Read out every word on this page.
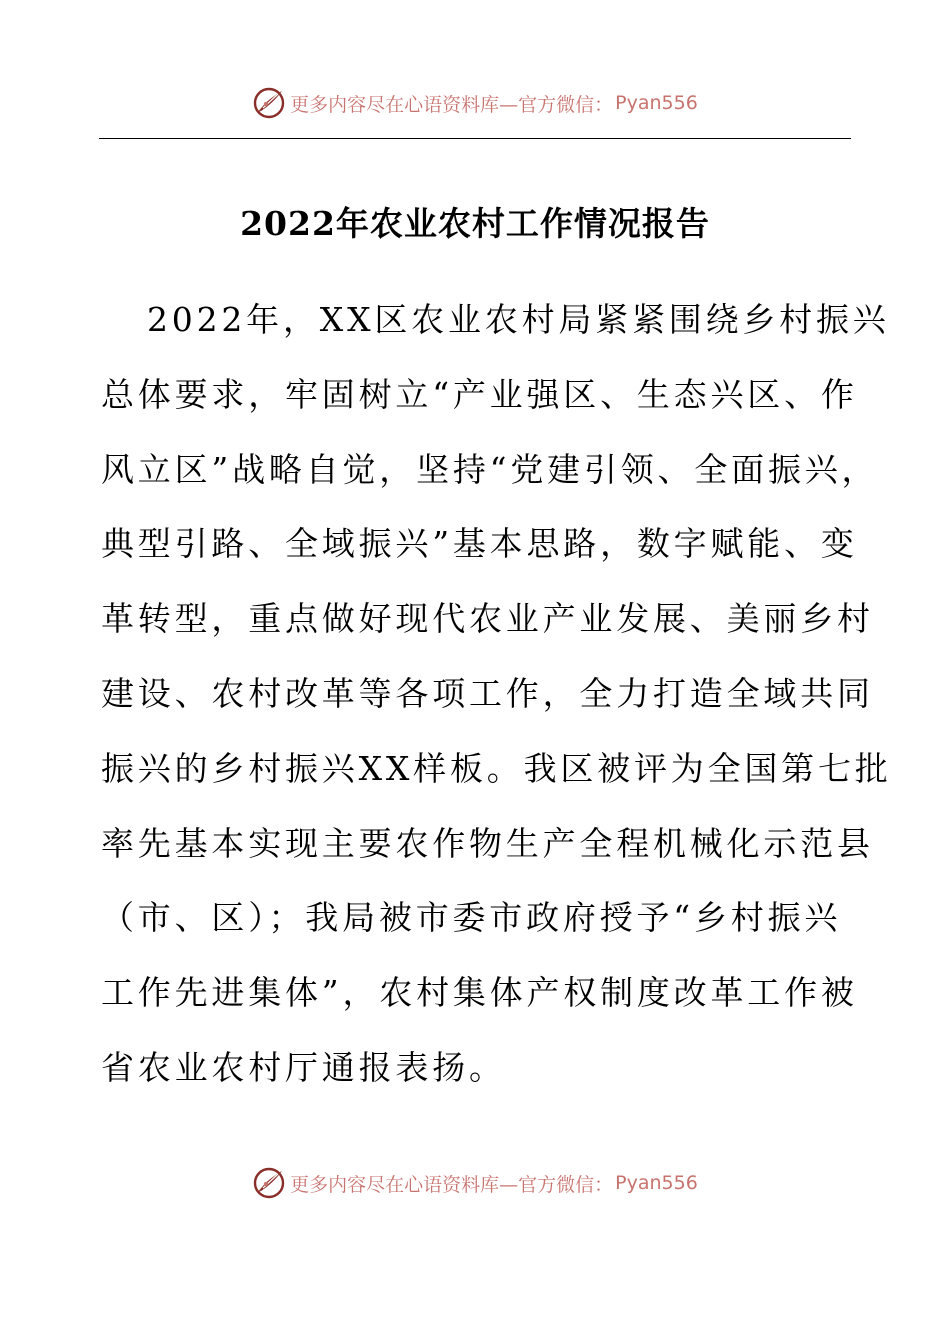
更多内容尽在心语资料库—官方微信： Pyan556
2022年农业农村工作情况报告
2022年，XX区农业农村局紧紧围绕乡村振兴
总体要求，牢固树立“产业强区、生态兴区、作
风立区”战略自觉，坚持“党建引领、全面振兴，
典型引路、全域振兴”基本思路，数字赋能、变
革转型，重点做好现代农业产业发展、美丽乡村
建设、农村改革等各项工作，全力打造全域共同
振兴的乡村振兴XX样板。我区被评为全国第七批
率先基本实现主要农作物生产全程机械化示范县
（市、区）；我局被市委市政府授予“乡村振兴
工作先进集体”，农村集体产权制度改革工作被
省农业农村厅通报表扬。
更多内容尽在心语资料库—官方微信： Pyan556
